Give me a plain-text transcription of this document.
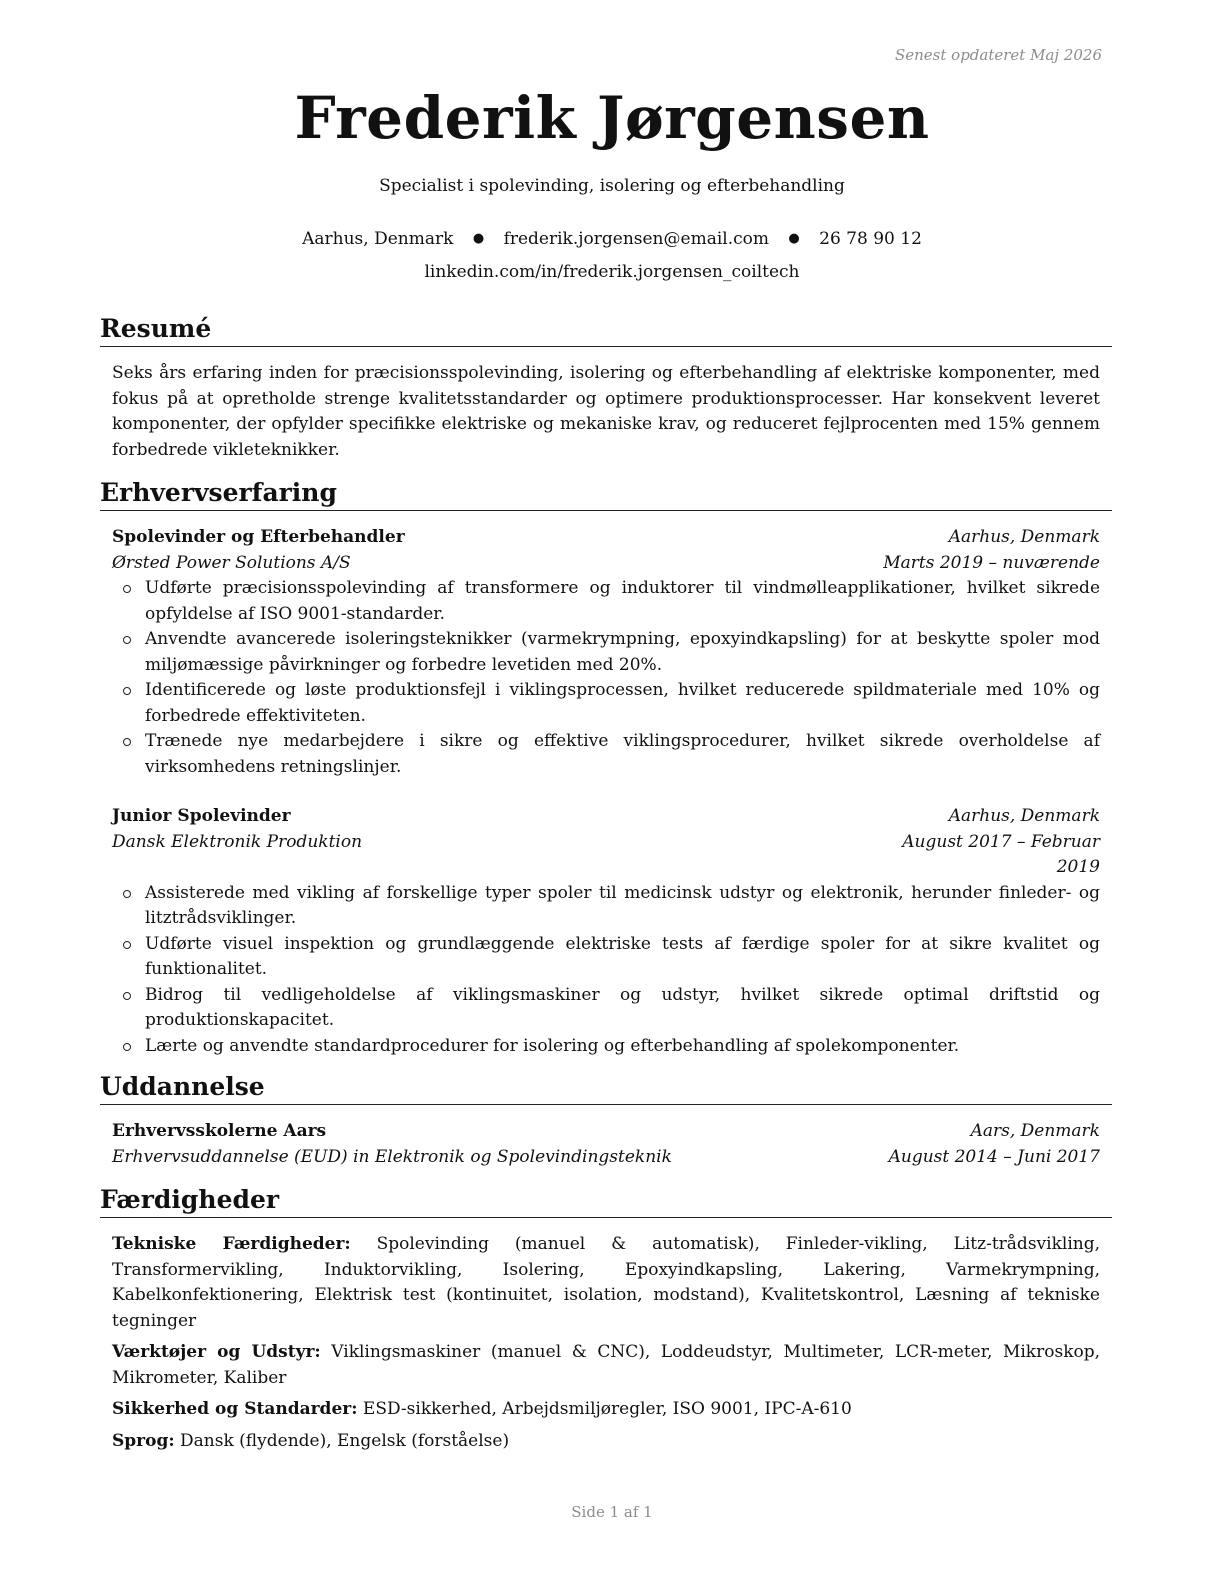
Senest opdateret Maj 2026
Frederik Jørgensen
Specialist i spolevinding, isolering og efterbehandling
Aarhus, Denmark ● frederik.jorgensen@email.com ● 26 78 90 12
linkedin.com/in/frederik.jorgensen_coiltech
Resumé

Seks års erfaring inden for præcisionsspolevinding, isolering og efterbehandling af elektriske komponenter, med fokus på at opretholde strenge kvalitetsstandarder og optimere produktionsprocesser. Har konsekvent leveret komponenter, der opfylder specifikke elektriske og mekaniske krav, og reduceret fejlprocenten med 15% gennem forbedrede vikleteknikker.

Erhvervserfaring
Spolevinder og Efterbehandler	Aarhus, Denmark
Ørsted Power Solutions A/S	Marts 2019 – nuværende
Udførte præcisionsspolevinding af transformere og induktorer til vindmølleapplikationer, hvilket sikrede opfyldelse af ISO 9001-standarder.
Anvendte avancerede isoleringsteknikker (varmekrympning, epoxyindkapsling) for at beskytte spoler mod miljømæssige påvirkninger og forbedre levetiden med 20%.
Identificerede og løste produktionsfejl i viklingsprocessen, hvilket reducerede spildmateriale med 10% og forbedrede effektiviteten.
Trænede nye medarbejdere i sikre og effektive viklingsprocedurer, hvilket sikrede overholdelse af virksomhedens retningslinjer.
Junior Spolevinder	Aarhus, Denmark
Dansk Elektronik Produktion	August 2017 – Februar 2019
Assisterede med vikling af forskellige typer spoler til medicinsk udstyr og elektronik, herunder finleder- og litztrådsviklinger.
Udførte visuel inspektion og grundlæggende elektriske tests af færdige spoler for at sikre kvalitet og funktionalitet.
Bidrog til vedligeholdelse af viklingsmaskiner og udstyr, hvilket sikrede optimal driftstid og produktionskapacitet.
Lærte og anvendte standardprocedurer for isolering og efterbehandling af spolekomponenter.
Uddannelse
Erhvervsskolerne Aars	Aars, Denmark
Erhvervsuddannelse (EUD) in Elektronik og Spolevindingsteknik	August 2014 – Juni 2017
Færdigheder
Tekniske Færdigheder: Spolevinding (manuel & automatisk), Finleder-vikling, Litz-trådsvikling, Transformervikling, Induktorvikling, Isolering, Epoxyindkapsling, Lakering, Varmekrympning, Kabelkonfektionering, Elektrisk test (kontinuitet, isolation, modstand), Kvalitetskontrol, Læsning af tekniske tegninger
Værktøjer og Udstyr: Viklingsmaskiner (manuel & CNC), Loddeudstyr, Multimeter, LCR-meter, Mikroskop, Mikrometer, Kaliber
Sikkerhed og Standarder: ESD-sikkerhed, Arbejdsmiljøregler, ISO 9001, IPC-A-610
Sprog: Dansk (flydende), Engelsk (forståelse)
Side 1 af 1
